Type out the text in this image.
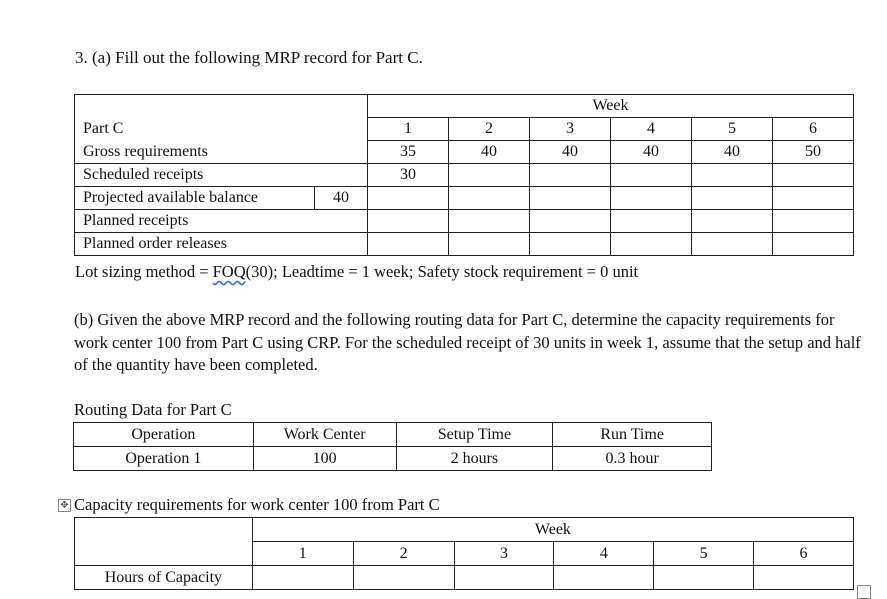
3. (a) Fill out the following MRP record for Part C.
		Week					
Part C		1	2	3	4	5	6
Gross requirements		35	40	40	40	40	50
Scheduled receipts		30					
Projected available balance	40						
Planned receipts							
Planned order releases							
Lot sizing method = FOQ(30); Leadtime = 1 week; Safety stock requirement = 0 unit
(b) Given the above MRP record and the following routing data for Part C, determine the capacity requirements for work center 100 from Part C using CRP. For the scheduled receipt of 30 units in week 1, assume that the setup and half of the quantity have been completed.
Routing Data for Part C
Operation	Work Center	Setup Time	Run Time
Operation 1	100	2 hours	0.3 hour
✥ Capacity requirements for work center 100 from Part C
	Week					
	1	2	3	4	5	6
Hours of Capacity						
